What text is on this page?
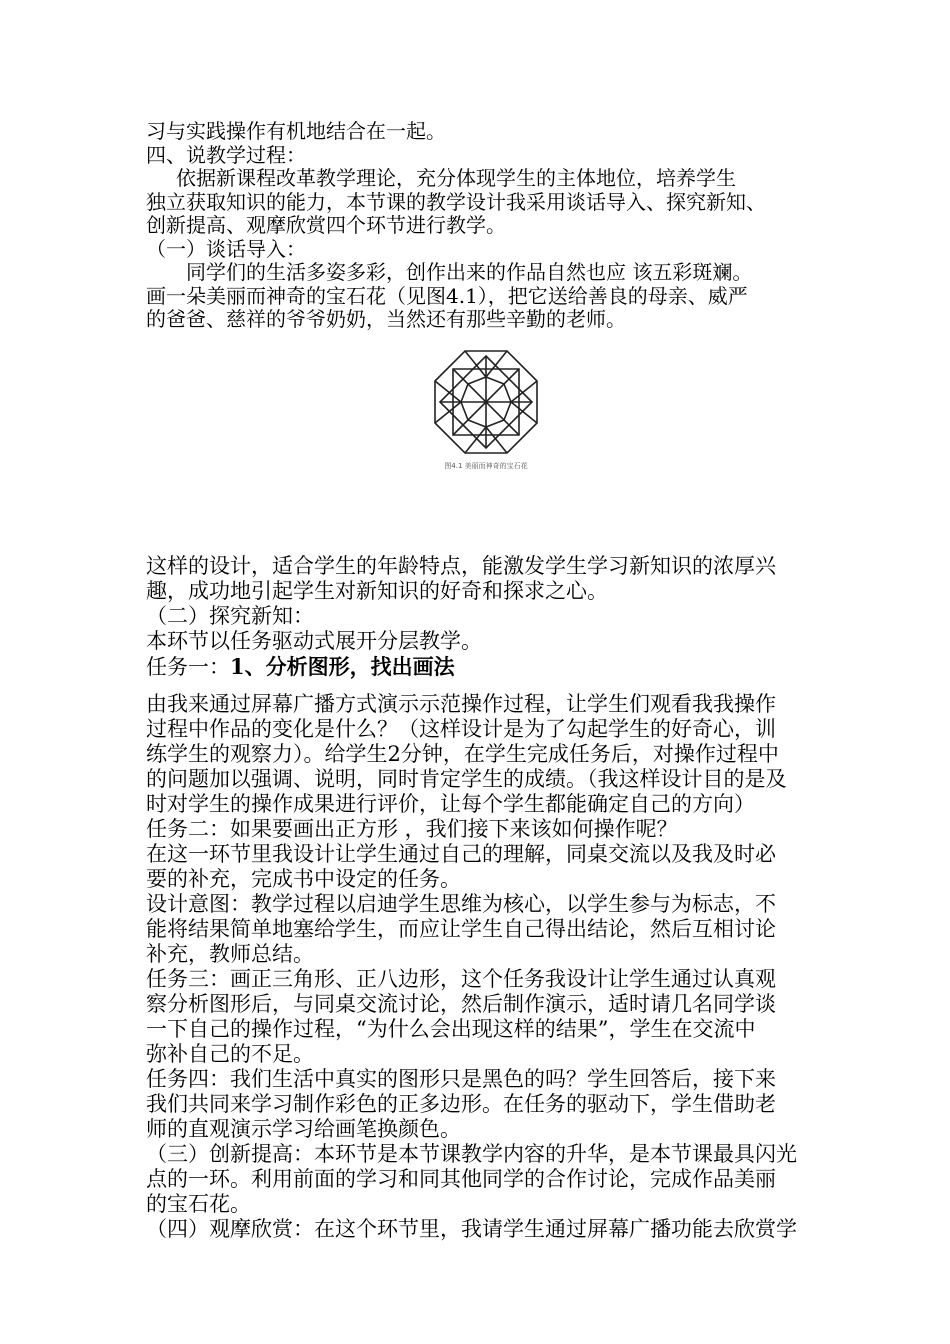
习与实践操作有机地结合在一起。

四、说教学过程：

依据新课程改革教学理论，充分体现学生的主体地位，培养学生

独立获取知识的能力，本节课的教学设计我采用谈话导入、探究新知、

创新提高、观摩欣赏四个环节进行教学。

（一）谈话导入：

同学们的生活多姿多彩，创作出来的作品自然也应 该五彩斑斓。

画一朵美丽而神奇的宝石花（见图4.1），把它送给善良的母亲、威严

的爸爸、慈祥的爷爷奶奶，当然还有那些辛勤的老师。

图4.1 美丽而神奇的宝石花

这样的设计，适合学生的年龄特点，能激发学生学习新知识的浓厚兴

趣，成功地引起学生对新知识的好奇和探求之心。

（二）探究新知：

本环节以任务驱动式展开分层教学。

任务一：1、分析图形，找出画法

由我来通过屏幕广播方式演示示范操作过程，让学生们观看我我操作

过程中作品的变化是什么？（这样设计是为了勾起学生的好奇心，训

练学生的观察力）。给学生2分钟，在学生完成任务后，对操作过程中

的问题加以强调、说明，同时肯定学生的成绩。（我这样设计目的是及

时对学生的操作成果进行评价，让每个学生都能确定自己的方向）

任务二：如果要画出正方形 ，我们接下来该如何操作呢？

在这一环节里我设计让学生通过自己的理解，同桌交流以及我及时必

要的补充，完成书中设定的任务。

设计意图：教学过程以启迪学生思维为核心，以学生参与为标志，不

能将结果简单地塞给学生，而应让学生自己得出结论，然后互相讨论

补充，教师总结。

任务三：画正三角形、正八边形，这个任务我设计让学生通过认真观

察分析图形后，与同桌交流讨论，然后制作演示，适时请几名同学谈

一下自己的操作过程，“为什么会出现这样的结果”，学生在交流中

弥补自己的不足。

任务四：我们生活中真实的图形只是黑色的吗？学生回答后，接下来

我们共同来学习制作彩色的正多边形。在任务的驱动下，学生借助老

师的直观演示学习给画笔换颜色。

（三）创新提高：本环节是本节课教学内容的升华，是本节课最具闪光

点的一环。利用前面的学习和同其他同学的合作讨论，完成作品美丽

的宝石花。

（四）观摩欣赏：在这个环节里，我请学生通过屏幕广播功能去欣赏学
